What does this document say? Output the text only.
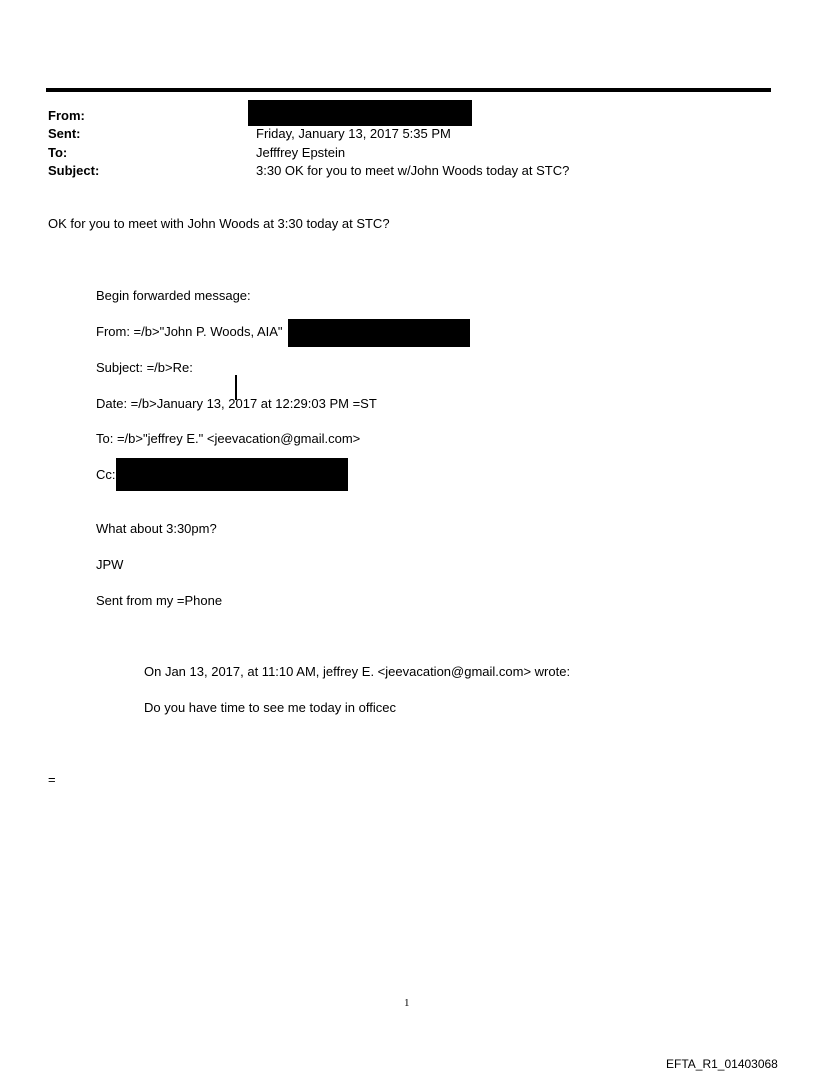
From:
Sent:	Friday, January 13, 2017 5:35 PM
To:	Jefffrey Epstein
Subject:	3:30 OK for you to meet w/John Woods today at STC?
OK for you to meet with John Woods at 3:30 today at STC?
Begin forwarded message:
From: =/b>"John P. Woods, AIA"
Subject: =/b>Re:
Date: =/b>January 13, 2017 at 12:29:03 PM =ST
To: =/b>"jeffrey E." <jeevacation@gmail.com>
Cc:
What about 3:30pm?
JPW
Sent from my =Phone
On Jan 13, 2017, at 11:10 AM, jeffrey E. <jeevacation@gmail.com> wrote:
Do you have time to see me today in officec
=
1
EFTA_R1_01403068
